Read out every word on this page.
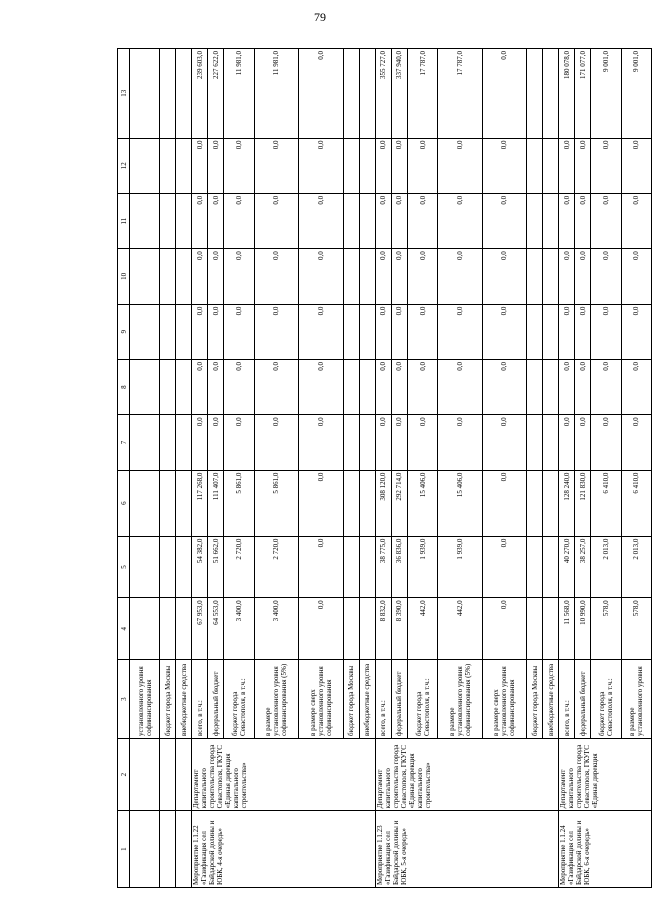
79
1	2	3	4	5	6	7	8	9	10	11	12	13
		установленного уровня софинансирования										
		бюджет города Москвы										
		внебюджетные средства										
Мероприятие 1.1.22 «Газификация сел Байдарской долины и ЮБК, 4-я очередь»	Департамент капитального строительства города Севастополя, ГКУГС «Единая дирекция капитального строительства»	всего, в т.ч.:	67 953,0	54 382,0	117 268,0	0,0	0,0	0,0	0,0	0,0	0,0	239 603,0
		федеральный бюджет	64 553,0	51 662,0	111 407,0	0,0	0,0	0,0	0,0	0,0	0,0	227 622,0
		бюджет города Севастополя, в т.ч.:	3 400,0	2 720,0	5 861,0	0,0	0,0	0,0	0,0	0,0	0,0	11 981,0
		в размере установленного уровня софинансирования (5%)	3 400,0	2 720,0	5 861,0	0,0	0,0	0,0	0,0	0,0	0,0	11 981,0
		в размере сверх установленного уровня софинансирования	0,0	0,0	0,0	0,0	0,0	0,0	0,0	0,0	0,0	0,0
		бюджет города Москвы										
		внебюджетные средства										
Мероприятие 1.1.23 «Газификация сел Байдарской долины и ЮБК, 5-я очередь»	Департамент капитального строительства города Севастополя, ГКУГС «Единая дирекция капитального строительства»	всего, в т.ч.:	8 832,0	38 775,0	308 120,0	0,0	0,0	0,0	0,0	0,0	0,0	355 727,0
		федеральный бюджет	8 390,0	36 836,0	292 714,0	0,0	0,0	0,0	0,0	0,0	0,0	337 940,0
		бюджет города Севастополя, в т.ч.:	442,0	1 939,0	15 406,0	0,0	0,0	0,0	0,0	0,0	0,0	17 787,0
		в размере установленного уровня софинансирования (5%)	442,0	1 939,0	15 406,0	0,0	0,0	0,0	0,0	0,0	0,0	17 787,0
		в размере сверх установленного уровня софинансирования	0,0	0,0	0,0	0,0	0,0	0,0	0,0	0,0	0,0	0,0
		бюджет города Москвы										
		внебюджетные средства										
Мероприятие 1.1.24 «Газификация сел Байдарской долины и ЮБК, 6-я очередь»	Департамент капитального строительства города Севастополя, ГКУГС «Единая дирекция	всего, в т.ч.:	11 568,0	40 270,0	128 240,0	0,0	0,0	0,0	0,0	0,0	0,0	180 078,0
		федеральный бюджет	10 990,0	38 257,0	121 830,0	0,0	0,0	0,0	0,0	0,0	0,0	171 077,0
		бюджет города Севастополя, в т.ч.:	578,0	2 013,0	6 410,0	0,0	0,0	0,0	0,0	0,0	0,0	9 001,0
		в размере установленного уровня	578,0	2 013,0	6 410,0	0,0	0,0	0,0	0,0	0,0	0,0	9 001,0
